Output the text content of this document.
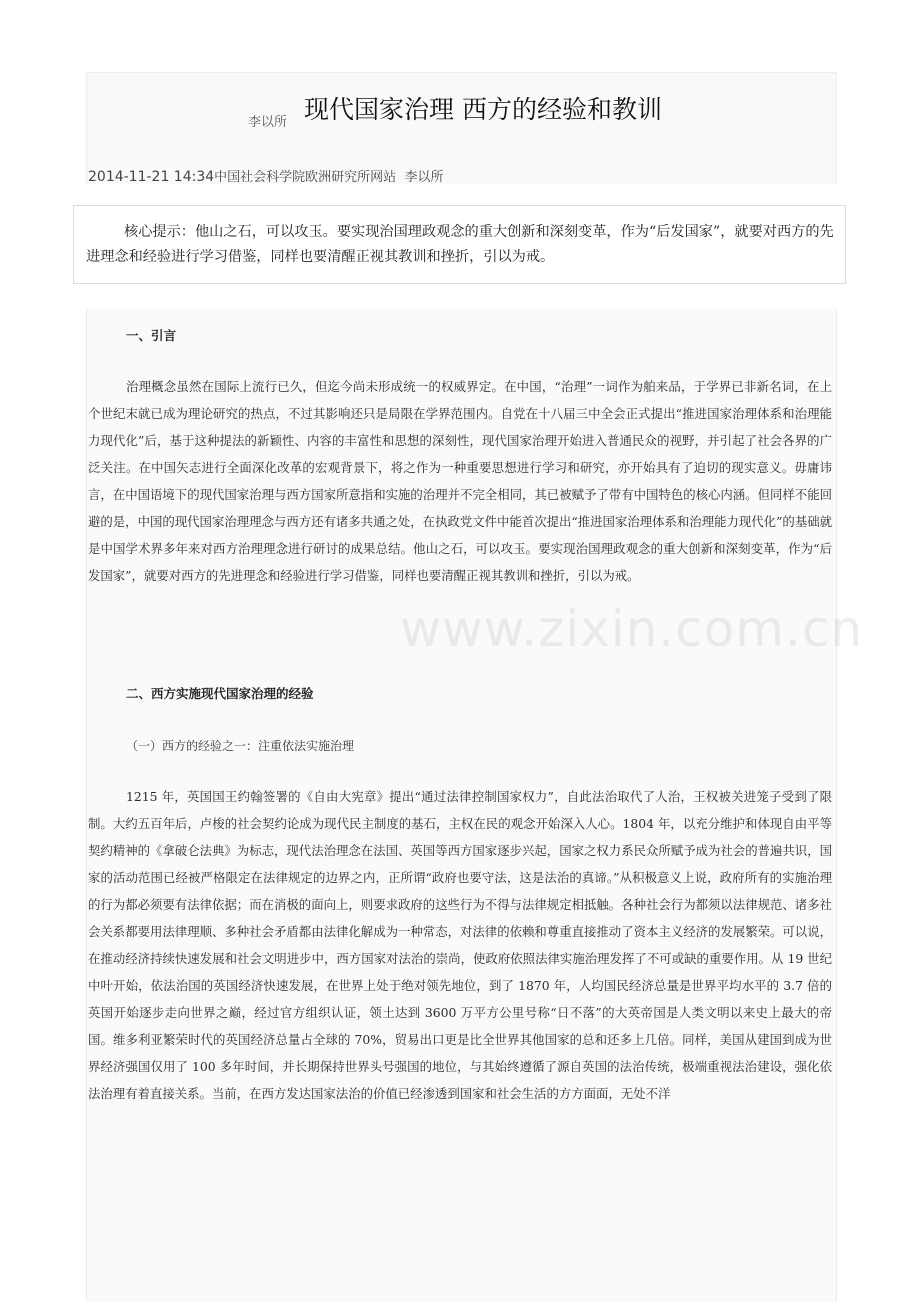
李以所 现代国家治理 西方的经验和教训
2014-11-21 14:34中国社会科学院欧洲研究所网站 李以所

核心提示：他山之石，可以攻玉。要实现治国理政观念的重大创新和深刻变革，作为“后发国家”，就要对西方的先进理念和经验进行学习借鉴，同样也要清醒正视其教训和挫折，引以为戒。

一、引言

治理概念虽然在国际上流行已久，但迄今尚未形成统一的权威界定。在中国，“治理”一词作为舶来品，于学界已非新名词，在上个世纪末就已成为理论研究的热点，不过其影响还只是局限在学界范围内。自党在十八届三中全会正式提出“推进国家治理体系和治理能力现代化”后，基于这种提法的新颖性、内容的丰富性和思想的深刻性，现代国家治理开始进入普通民众的视野，并引起了社会各界的广泛关注。在中国矢志进行全面深化改革的宏观背景下，将之作为一种重要思想进行学习和研究，亦开始具有了迫切的现实意义。毋庸讳言，在中国语境下的现代国家治理与西方国家所意指和实施的治理并不完全相同，其已被赋予了带有中国特色的核心内涵。但同样不能回避的是，中国的现代国家治理理念与西方还有诸多共通之处，在执政党文件中能首次提出“推进国家治理体系和治理能力现代化”的基础就是中国学术界多年来对西方治理理念进行研讨的成果总结。他山之石，可以攻玉。要实现治国理政观念的重大创新和深刻变革，作为“后发国家”，就要对西方的先进理念和经验进行学习借鉴，同样也要清醒正视其教训和挫折，引以为戒。

二、西方实施现代国家治理的经验
（一）西方的经验之一：注重依法实施治理

1215 年，英国国王约翰签署的《自由大宪章》提出“通过法律控制国家权力”，自此法治取代了人治，王权被关进笼子受到了限制。大约五百年后，卢梭的社会契约论成为现代民主制度的基石，主权在民的观念开始深入人心。1804 年，以充分维护和体现自由平等契约精神的《拿破仑法典》为标志，现代法治理念在法国、英国等西方国家逐步兴起，国家之权力系民众所赋予成为社会的普遍共识，国家的活动范围已经被严格限定在法律规定的边界之内，正所谓“政府也要守法，这是法治的真谛。”从积极意义上说，政府所有的实施治理的行为都必须要有法律依据；而在消极的面向上，则要求政府的这些行为不得与法律规定相抵触。各种社会行为都须以法律规范、诸多社会关系都要用法律理顺、多种社会矛盾都由法律化解成为一种常态，对法律的依赖和尊重直接推动了资本主义经济的发展繁荣。可以说，在推动经济持续快速发展和社会文明进步中，西方国家对法治的崇尚，使政府依照法律实施治理发挥了不可或缺的重要作用。从 19 世纪中叶开始，依法治国的英国经济快速发展，在世界上处于绝对领先地位，到了 1870 年，人均国民经济总量是世界平均水平的 3.7 倍的英国开始逐步走向世界之巅，经过官方组织认证，领土达到 3600 万平方公里号称“日不落”的大英帝国是人类文明以来史上最大的帝国。维多利亚繁荣时代的英国经济总量占全球的 70%，贸易出口更是比全世界其他国家的总和还多上几倍。同样，美国从建国到成为世界经济强国仅用了 100 多年时间，并长期保持世界头号强国的地位，与其始终遵循了源自英国的法治传统，极端重视法治建设，强化依法治理有着直接关系。当前，在西方发达国家法治的价值已经渗透到国家和社会生活的方方面面，无处不洋

www.zixin.com.cn
